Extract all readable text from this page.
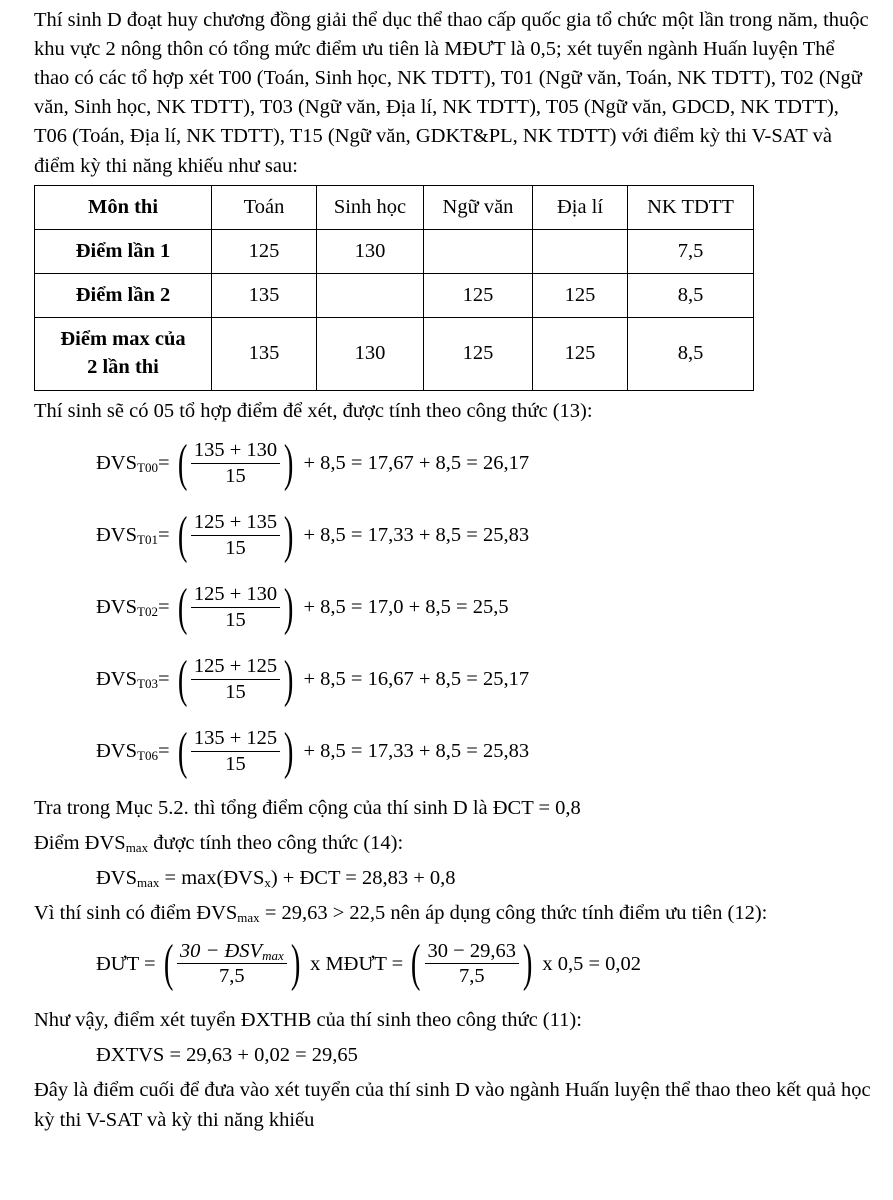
Thí sinh D đoạt huy chương đồng giải thể dục thể thao cấp quốc gia tổ chức một lần trong năm, thuộc khu vực 2 nông thôn có tổng mức điểm ưu tiên là MĐƯT là 0,5; xét tuyển ngành Huấn luyện Thể thao có các tổ hợp xét T00 (Toán, Sinh học, NK TDTT), T01 (Ngữ văn, Toán, NK TDTT), T02 (Ngữ văn, Sinh học, NK TDTT), T03 (Ngữ văn, Địa lí, NK TDTT), T05 (Ngữ văn, GDCD, NK TDTT), T06 (Toán, Địa lí, NK TDTT), T15 (Ngữ văn, GDKT&PL, NK TDTT) với điểm kỳ thi V-SAT và điểm kỳ thi năng khiếu như sau:

Môn thi	Toán	Sinh học	Ngữ văn	Địa lí	NK TDTT
Điểm lần 1	125	130			7,5
Điểm lần 2	135		125	125	8,5
Điểm max của
2 lần thi	135	130	125	125	8,5

Thí sinh sẽ có 05 tổ hợp điểm để xét, được tính theo công thức (13):

$ĐVS_{T00}=$ ( $\frac{135 + 130}{15}$ ) + 8,5 = 17,67 + 8,5 = 26,17
$ĐVS_{T01}=$ ( $\frac{125 + 135}{15}$ ) + 8,5 = 17,33 + 8,5 = 25,83
$ĐVS_{T02}=$ ( $\frac{125 + 130}{15}$ ) + 8,5 = 17,0 + 8,5 = 25,5
$ĐVS_{T03}=$ ( $\frac{125 + 125}{15}$ ) + 8,5 = 16,67 + 8,5 = 25,17
$ĐVS_{T06}=$ ( $\frac{135 + 125}{15}$ ) + 8,5 = 17,33 + 8,5 = 25,83

Tra trong Mục 5.2. thì tổng điểm cộng của thí sinh D là ĐCT = 0,8

Điểm $ĐVS_{max}$ được tính theo công thức (14):

$ĐVS_{max}$ = $\max(ĐVS_x)$ + ĐCT = 28,83 + 0,8

Vì thí sinh có điểm $ĐVS_{max} = 29,63 > 22,5$ nên áp dụng công thức tính điểm ưu tiên (12):

ĐƯT = ( $\frac{30 - ĐSV_{max}}{7,5}$ ) x MĐƯT = ( $\frac{30 - 29,63}{7,5}$ ) x 0,5 = 0,02

Như vậy, điểm xét tuyển ĐXTHB của thí sinh theo công thức (11):

ĐXTVS = 29,63 + 0,02 = 29,65

Đây là điểm cuối để đưa vào xét tuyển của thí sinh D vào ngành Huấn luyện thể thao theo kết quả học kỳ thi V-SAT và kỳ thi năng khiếu
